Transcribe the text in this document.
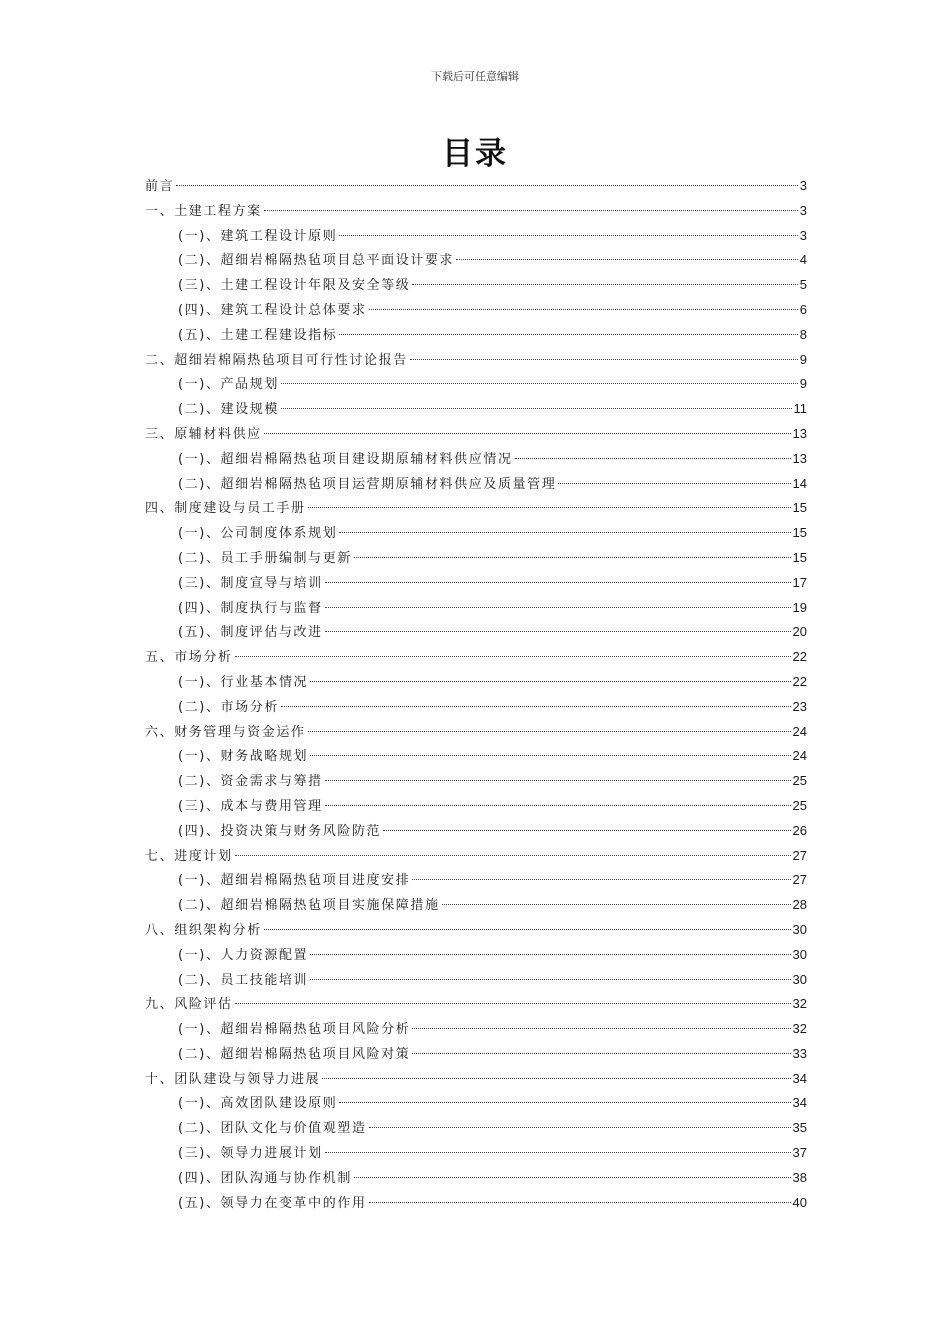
下载后可任意编辑
目录
前言	3
一、土建工程方案	3
(一)、建筑工程设计原则	3
(二)、超细岩棉隔热毡项目总平面设计要求	4
(三)、土建工程设计年限及安全等级	5
(四)、建筑工程设计总体要求	6
(五)、土建工程建设指标	8
二、超细岩棉隔热毡项目可行性讨论报告	9
(一)、产品规划	9
(二)、建设规模	11
三、原辅材料供应	13
(一)、超细岩棉隔热毡项目建设期原辅材料供应情况	13
(二)、超细岩棉隔热毡项目运营期原辅材料供应及质量管理	14
四、制度建设与员工手册	15
(一)、公司制度体系规划	15
(二)、员工手册编制与更新	15
(三)、制度宣导与培训	17
(四)、制度执行与监督	19
(五)、制度评估与改进	20
五、市场分析	22
(一)、行业基本情况	22
(二)、市场分析	23
六、财务管理与资金运作	24
(一)、财务战略规划	24
(二)、资金需求与筹措	25
(三)、成本与费用管理	25
(四)、投资决策与财务风险防范	26
七、进度计划	27
(一)、超细岩棉隔热毡项目进度安排	27
(二)、超细岩棉隔热毡项目实施保障措施	28
八、组织架构分析	30
(一)、人力资源配置	30
(二)、员工技能培训	30
九、风险评估	32
(一)、超细岩棉隔热毡项目风险分析	32
(二)、超细岩棉隔热毡项目风险对策	33
十、团队建设与领导力进展	34
(一)、高效团队建设原则	34
(二)、团队文化与价值观塑造	35
(三)、领导力进展计划	37
(四)、团队沟通与协作机制	38
(五)、领导力在变革中的作用	40
